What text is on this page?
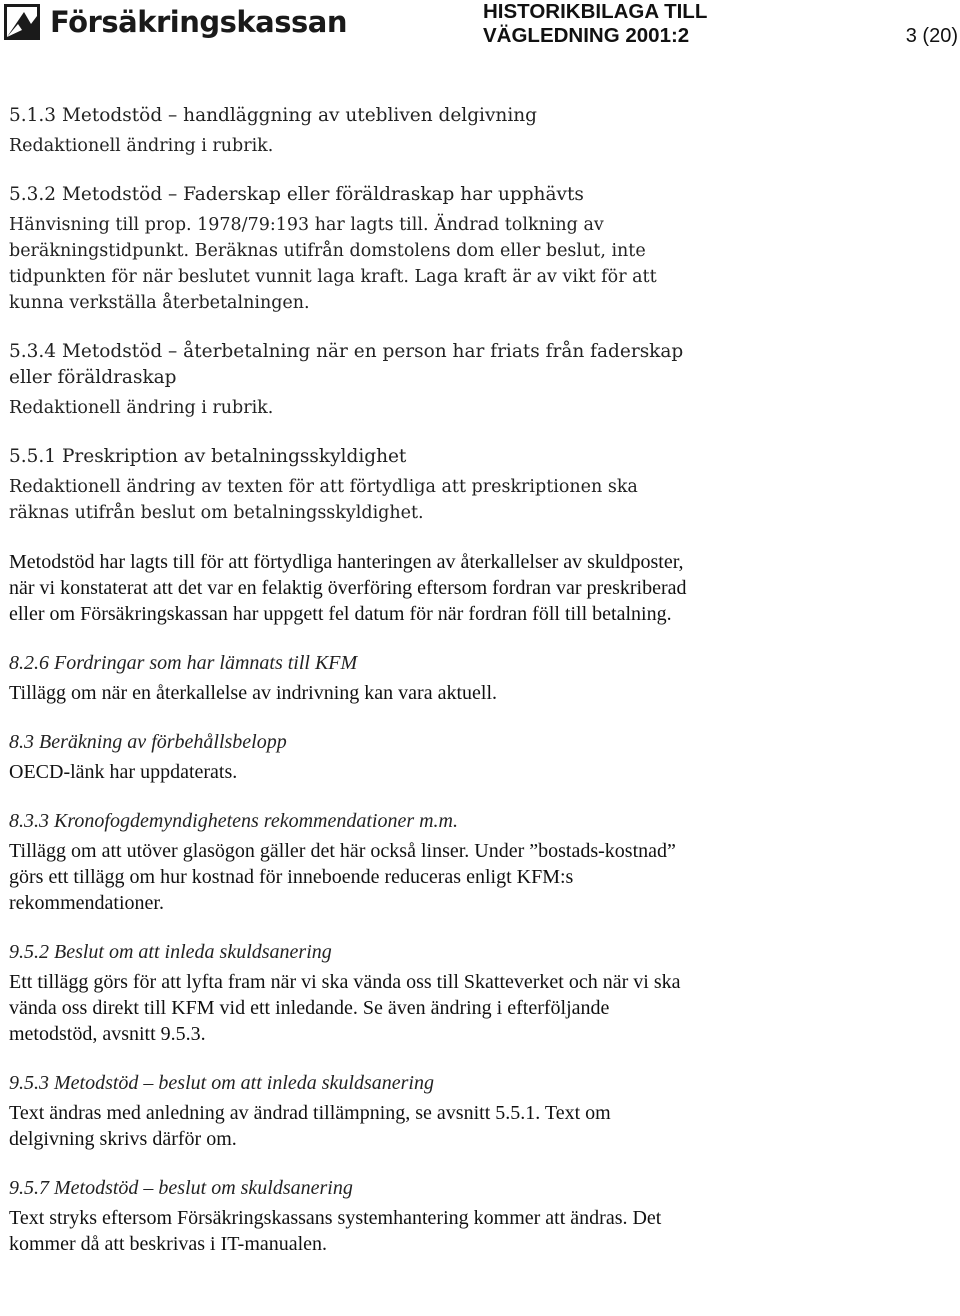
Försäkringskassan	HISTORIKBILAGA TILL
VÄGLEDNING 2001:2	3 (20)

5.1.3 Metodstöd – handläggning av utebliven delgivning

Redaktionell ändring i rubrik.

5.3.2 Metodstöd – Faderskap eller föräldraskap har upphävts

Hänvisning till prop. 1978/79:193 har lagts till. Ändrad tolkning av beräkningstidpunkt. Beräknas utifrån domstolens dom eller beslut, inte tidpunkten för när beslutet vunnit laga kraft. Laga kraft är av vikt för att kunna verkställa återbetalningen.

5.3.4 Metodstöd – återbetalning när en person har friats från faderskap eller föräldraskap

Redaktionell ändring i rubrik.

5.5.1 Preskription av betalningsskyldighet

Redaktionell ändring av texten för att förtydliga att preskriptionen ska räknas utifrån beslut om betalningsskyldighet.

Metodstöd har lagts till för att förtydliga hanteringen av återkallelser av skuldposter, när vi konstaterat att det var en felaktig överföring eftersom fordran var preskriberad eller om Försäkringskassan har uppgett fel datum för när fordran föll till betalning.

8.2.6 Fordringar som har lämnats till KFM

Tillägg om när en återkallelse av indrivning kan vara aktuell.

8.3 Beräkning av förbehållsbelopp

OECD-länk har uppdaterats.

8.3.3 Kronofogdemyndighetens rekommendationer m.m.

Tillägg om att utöver glasögon gäller det här också linser. Under ”bostads-kostnad” görs ett tillägg om hur kostnad för inneboende reduceras enligt KFM:s rekommendationer.

9.5.2 Beslut om att inleda skuldsanering

Ett tillägg görs för att lyfta fram när vi ska vända oss till Skatteverket och när vi ska vända oss direkt till KFM vid ett inledande. Se även ändring i efterföljande metodstöd, avsnitt 9.5.3.

9.5.3 Metodstöd – beslut om att inleda skuldsanering

Text ändras med anledning av ändrad tillämpning, se avsnitt 5.5.1. Text om delgivning skrivs därför om.

9.5.7 Metodstöd – beslut om skuldsanering

Text stryks eftersom Försäkringskassans systemhantering kommer att ändras. Det kommer då att beskrivas i IT-manualen.
